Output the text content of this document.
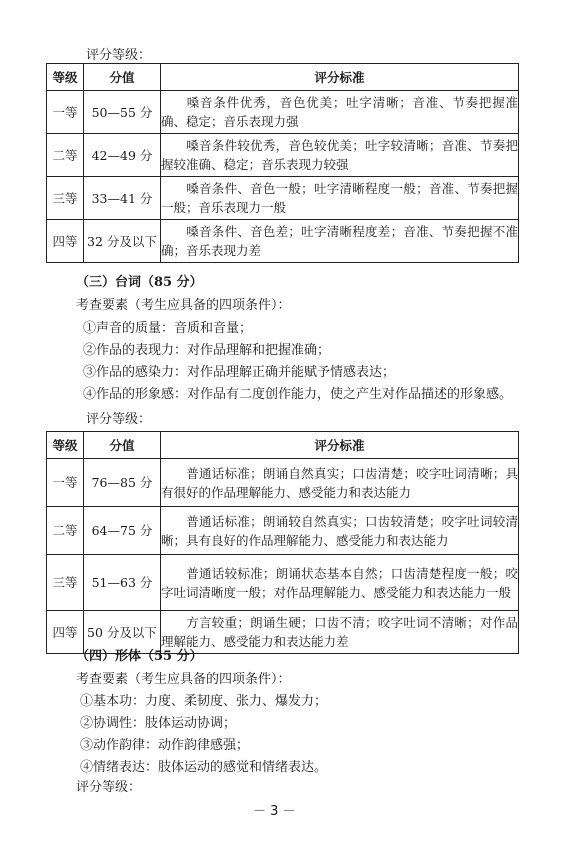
评分等级：
等级	分值	评分标准
一等	50—55 分	嗓音条件优秀，音色优美；吐字清晰；音准、节奏把握准确、稳定；音乐表现力强
二等	42—49 分	嗓音条件较优秀，音色较优美；吐字较清晰；音准、节奏把握较准确、稳定；音乐表现力较强
三等	33—41 分	嗓音条件、音色一般；吐字清晰程度一般；音准、节奏把握一般；音乐表现力一般
四等	32 分及以下	嗓音条件、音色差；吐字清晰程度差；音准、节奏把握不准确；音乐表现力差
（三）台词（85 分）
考查要素（考生应具备的四项条件）：
①声音的质量：音质和音量；
②作品的表现力：对作品理解和把握准确；
③作品的感染力：对作品理解正确并能赋予情感表达；
④作品的形象感：对作品有二度创作能力，使之产生对作品描述的形象感。
评分等级：
等级	分值	评分标准
一等	76—85 分	普通话标准；朗诵自然真实；口齿清楚；咬字吐词清晰；具有很好的作品理解能力、感受能力和表达能力
二等	64—75 分	普通话标准；朗诵较自然真实；口齿较清楚；咬字吐词较清晰；具有良好的作品理解能力、感受能力和表达能力
三等	51—63 分	普通话较标准；朗诵状态基本自然；口齿清楚程度一般；咬字吐词清晰度一般；对作品理解能力、感受能力和表达能力一般
四等	50 分及以下	方言较重；朗诵生硬；口齿不清；咬字吐词不清晰；对作品理解能力、感受能力和表达能力差
（四）形体（55 分）
考查要素（考生应具备的四项条件）：
①基本功：力度、柔韧度、张力、爆发力；
②协调性：肢体运动协调；
③动作韵律：动作韵律感强；
④情绪表达：肢体运动的感觉和情绪表达。
评分等级：
－ 3 －
